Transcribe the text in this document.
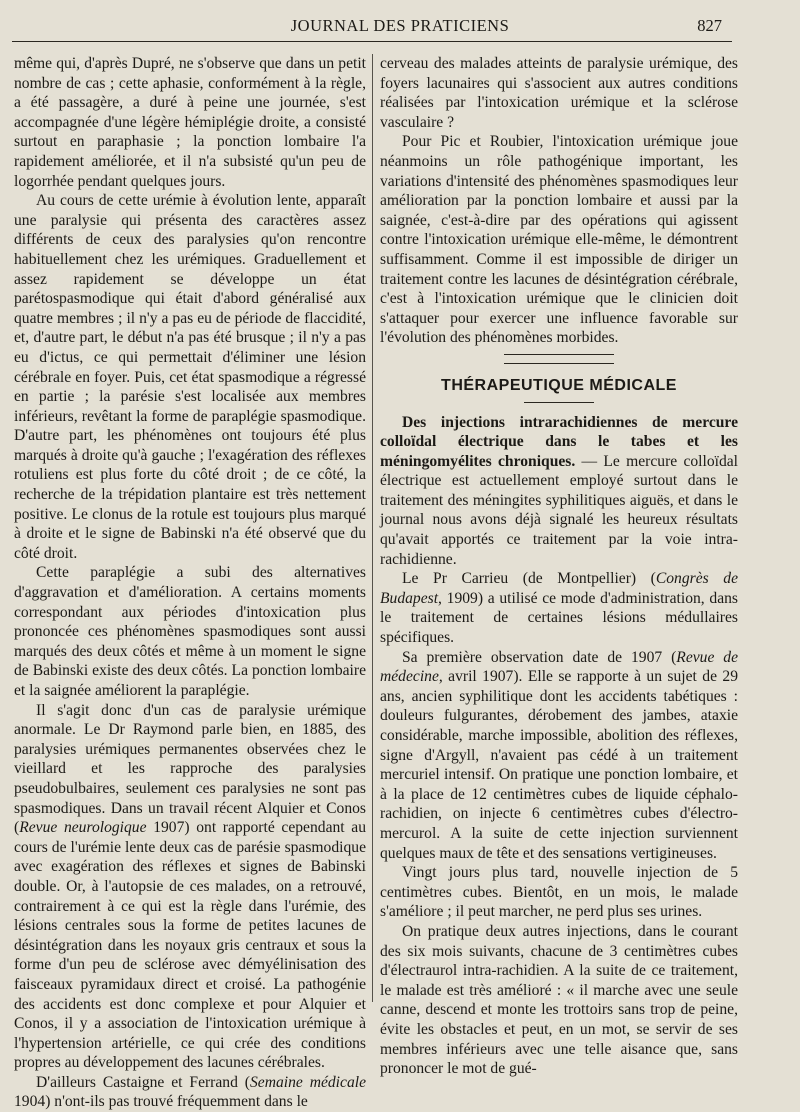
JOURNAL DES PRATICIENS	827

même qui, d'après Dupré, ne s'observe que dans un petit nombre de cas ; cette aphasie, conformément à la règle, a été passagère, a duré à peine une journée, s'est accompagnée d'une légère hémiplégie droite, a consisté surtout en paraphasie ; la ponction lombaire l'a rapidement améliorée, et il n'a subsisté qu'un peu de logorrhée pendant quelques jours.

Au cours de cette urémie à évolution lente, apparaît une paralysie qui présenta des caractères assez différents de ceux des paralysies qu'on rencontre habituellement chez les urémiques. Graduellement et assez rapidement se développe un état parétospasmodique qui était d'abord généralisé aux quatre membres ; il n'y a pas eu de période de flaccidité, et, d'autre part, le début n'a pas été brusque ; il n'y a pas eu d'ictus, ce qui permettait d'éliminer une lésion cérébrale en foyer. Puis, cet état spasmodique a régressé en partie ; la parésie s'est localisée aux membres inférieurs, revêtant la forme de paraplégie spasmodique. D'autre part, les phénomènes ont toujours été plus marqués à droite qu'à gauche ; l'exagération des réflexes rotuliens est plus forte du côté droit ; de ce côté, la recherche de la trépidation plantaire est très nettement positive. Le clonus de la rotule est toujours plus marqué à droite et le signe de Babinski n'a été observé que du côté droit.

Cette paraplégie a subi des alternatives d'aggravation et d'amélioration. A certains moments correspondant aux périodes d'intoxication plus prononcée ces phénomènes spasmodiques sont aussi marqués des deux côtés et même à un moment le signe de Babinski existe des deux côtés. La ponction lombaire et la saignée améliorent la paraplégie.

Il s'agit donc d'un cas de paralysie urémique anormale. Le Dr Raymond parle bien, en 1885, des paralysies urémiques permanentes observées chez le vieillard et les rapproche des paralysies pseudobulbaires, seulement ces paralysies ne sont pas spasmodiques. Dans un travail récent Alquier et Conos (Revue neurologique 1907) ont rapporté cependant au cours de l'urémie lente deux cas de parésie spasmodique avec exagération des réflexes et signes de Babinski double. Or, à l'autopsie de ces malades, on a retrouvé, contrairement à ce qui est la règle dans l'urémie, des lésions centrales sous la forme de petites lacunes de désintégration dans les noyaux gris centraux et sous la forme d'un peu de sclérose avec démyélinisation des faisceaux pyramidaux direct et croisé. La pathogénie des accidents est donc complexe et pour Alquier et Conos, il y a association de l'intoxication urémique à l'hypertension artérielle, ce qui crée des conditions propres au développement des lacunes cérébrales.

D'ailleurs Castaigne et Ferrand (Semaine médicale 1904) n'ont-ils pas trouvé fréquemment dans le

cerveau des malades atteints de paralysie urémique, des foyers lacunaires qui s'associent aux autres conditions réalisées par l'intoxication urémique et la sclérose vasculaire ?

Pour Pic et Roubier, l'intoxication urémique joue néanmoins un rôle pathogénique important, les variations d'intensité des phénomènes spasmodiques leur amélioration par la ponction lombaire et aussi par la saignée, c'est-à-dire par des opérations qui agissent contre l'intoxication urémique elle-même, le démontrent suffisamment. Comme il est impossible de diriger un traitement contre les lacunes de désintégration cérébrale, c'est à l'intoxication urémique que le clinicien doit s'attaquer pour exercer une influence favorable sur l'évolution des phénomènes morbides.

THÉRAPEUTIQUE MÉDICALE

Des injections intrarachidiennes de mercure colloïdal électrique dans le tabes et les méningomyélites chroniques. — Le mercure colloïdal électrique est actuellement employé surtout dans le traitement des méningites syphilitiques aiguës, et dans le journal nous avons déjà signalé les heureux résultats qu'avait apportés ce traitement par la voie intra-rachidienne.

Le Pr Carrieu (de Montpellier) (Congrès de Budapest, 1909) a utilisé ce mode d'administration, dans le traitement de certaines lésions médullaires spécifiques.

Sa première observation date de 1907 (Revue de médecine, avril 1907). Elle se rapporte à un sujet de 29 ans, ancien syphilitique dont les accidents tabétiques : douleurs fulgurantes, dérobement des jambes, ataxie considérable, marche impossible, abolition des réflexes, signe d'Argyll, n'avaient pas cédé à un traitement mercuriel intensif. On pratique une ponction lombaire, et à la place de 12 centimètres cubes de liquide céphalo-rachidien, on injecte 6 centimètres cubes d'électro-mercurol. A la suite de cette injection surviennent quelques maux de tête et des sensations vertigineuses.

Vingt jours plus tard, nouvelle injection de 5 centimètres cubes. Bientôt, en un mois, le malade s'améliore ; il peut marcher, ne perd plus ses urines.

On pratique deux autres injections, dans le courant des six mois suivants, chacune de 3 centimètres cubes d'électraurol intra-rachidien. A la suite de ce traitement, le malade est très amélioré : « il marche avec une seule canne, descend et monte les trottoirs sans trop de peine, évite les obstacles et peut, en un mot, se servir de ses membres inférieurs avec une telle aisance que, sans prononcer le mot de gué-
